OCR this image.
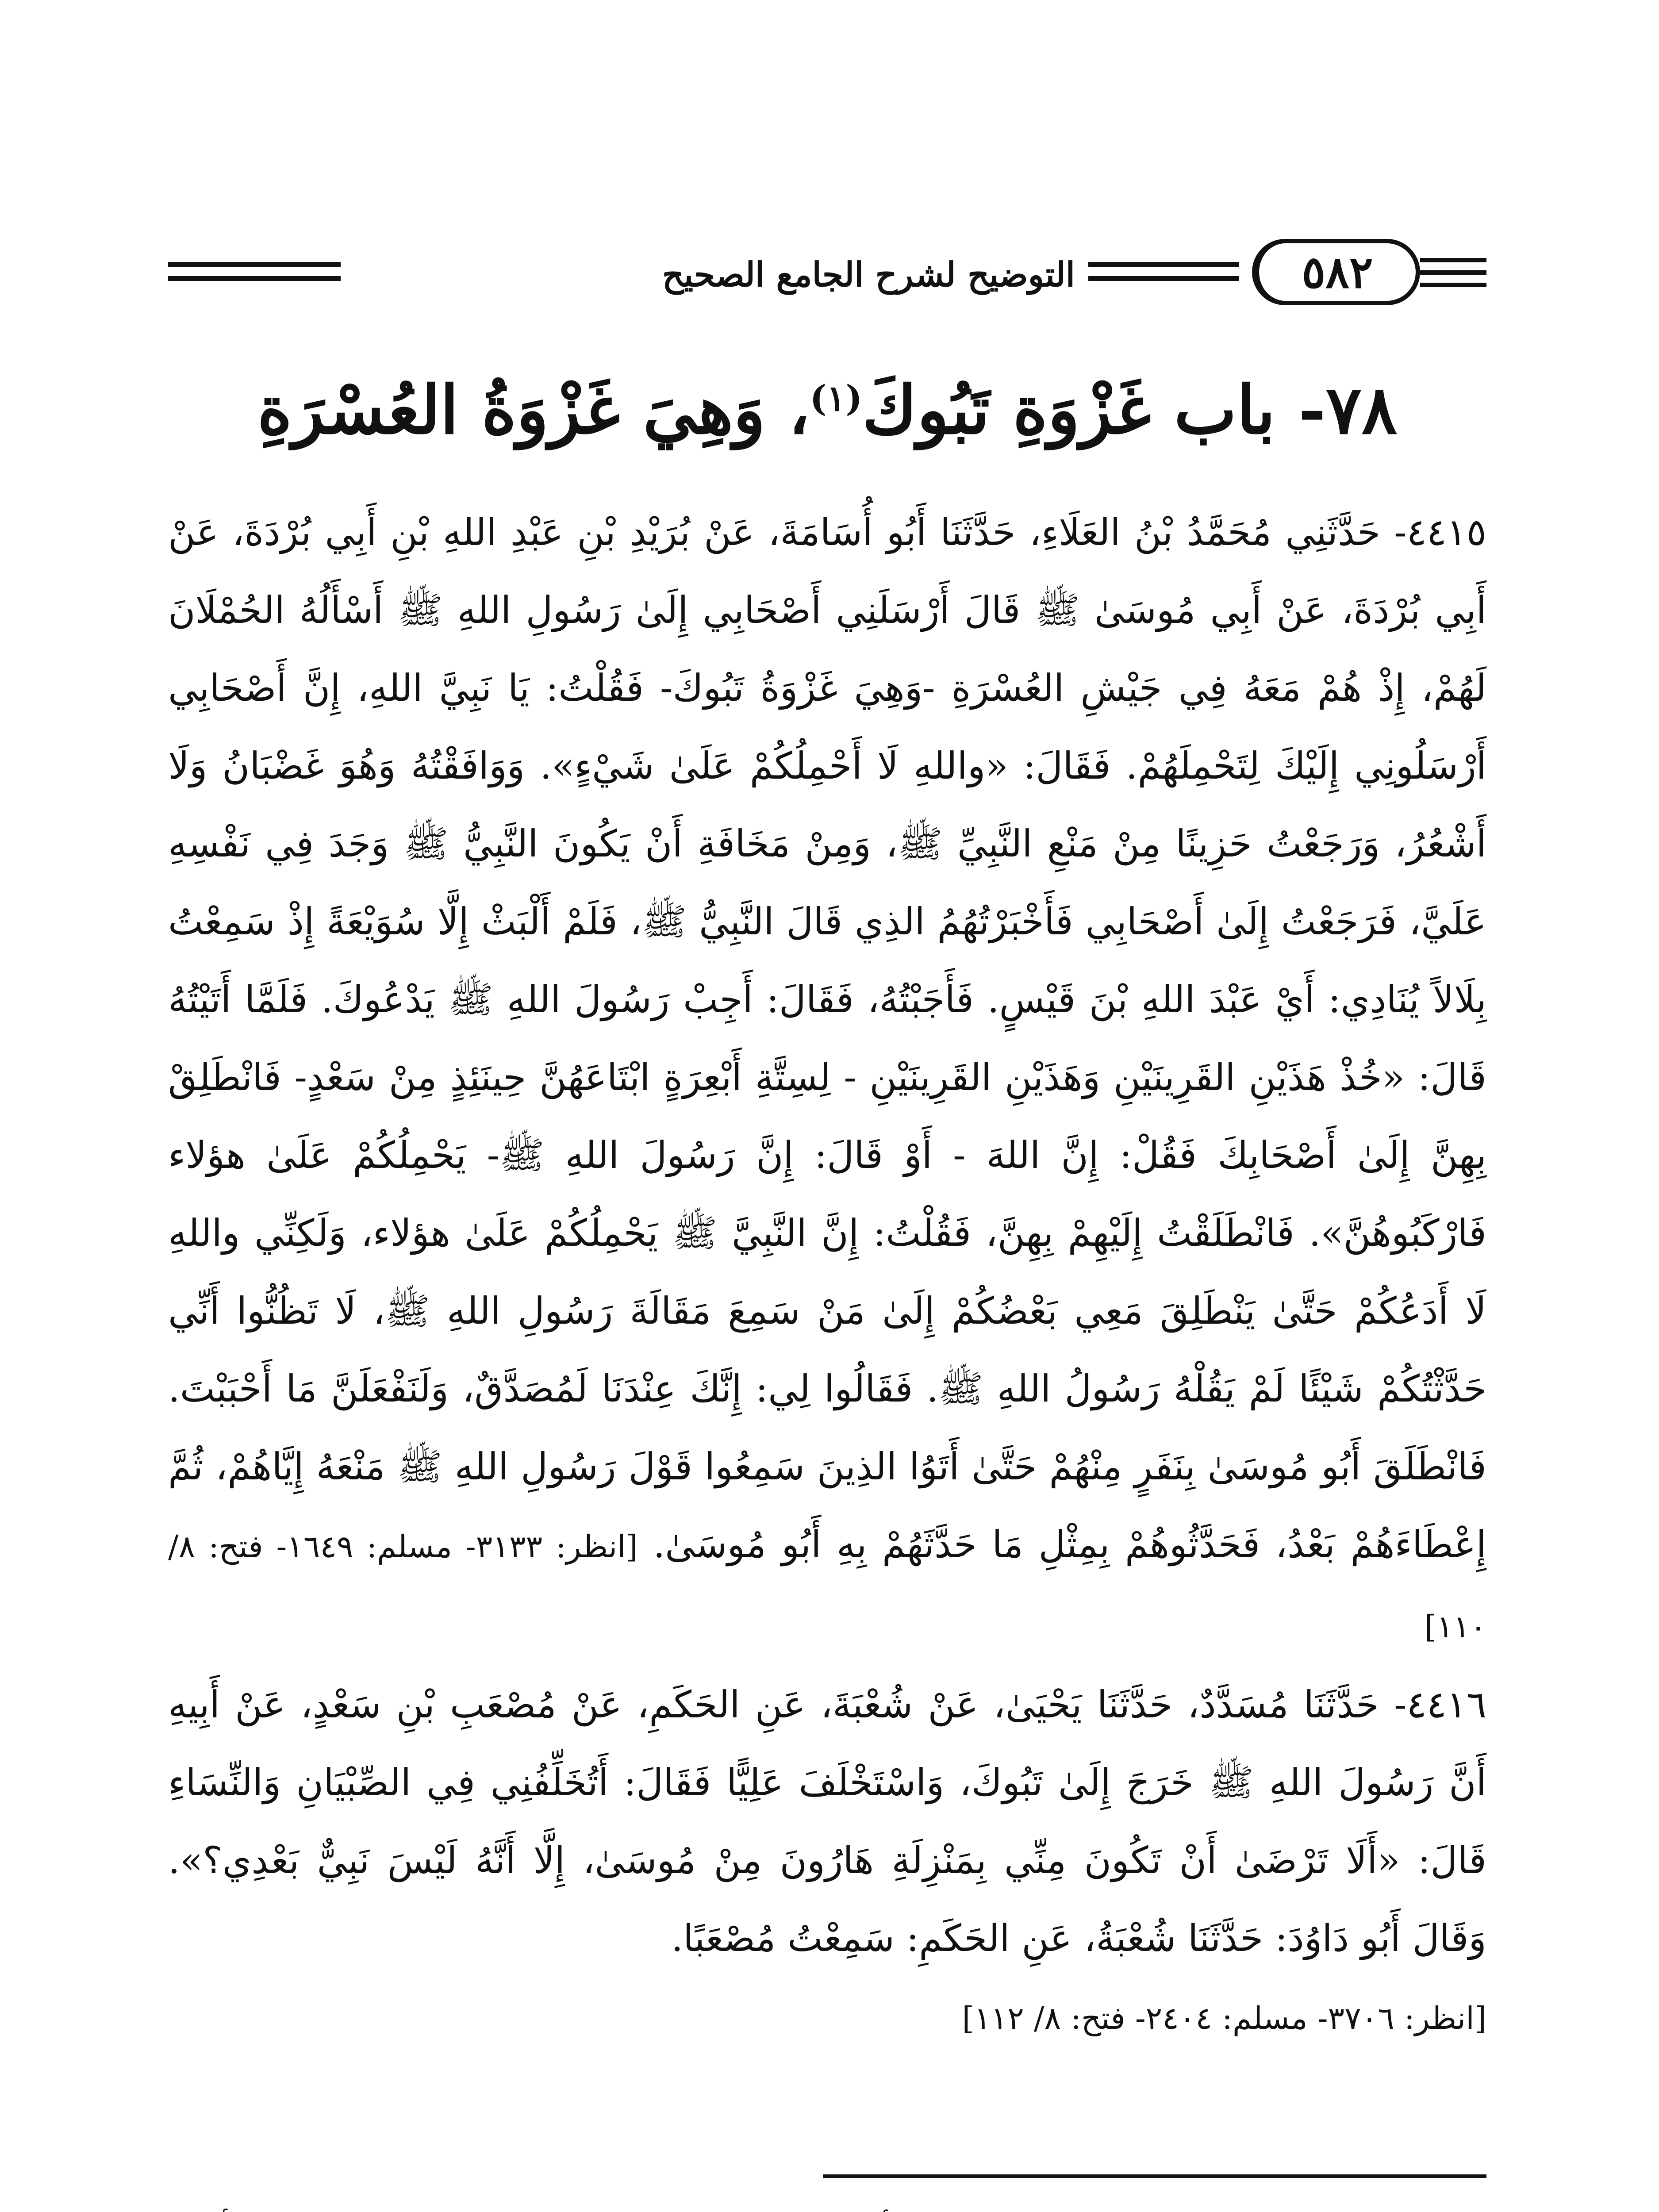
٥٨٢
التوضيح لشرح الجامع الصحيح
٧٨- باب غَزْوَةِ تَبُوكَ$^{(١)}$، وَهِيَ غَزْوَةُ العُسْرَةِ

٤٤١٥- حَدَّثَنِي مُحَمَّدُ بْنُ العَلَاءِ، حَدَّثَنَا أَبُو أُسَامَةَ، عَنْ بُرَيْدِ بْنِ عَبْدِ اللهِ بْنِ أَبِي بُرْدَةَ، عَنْ أَبِي بُرْدَةَ، عَنْ أَبِي مُوسَىٰ ﷺ قَالَ أَرْسَلَنِي أَصْحَابِي إِلَىٰ رَسُولِ اللهِ ﷺ أَسْأَلُهُ الحُمْلَانَ لَهُمْ، إِذْ هُمْ مَعَهُ فِي جَيْشِ العُسْرَةِ -وَهِيَ غَزْوَةُ تَبُوكَ- فَقُلْتُ: يَا نَبِيَّ اللهِ، إِنَّ أَصْحَابِي أَرْسَلُونِي إِلَيْكَ لِتَحْمِلَهُمْ. فَقَالَ: «واللهِ لَا أَحْمِلُكُمْ عَلَىٰ شَيْءٍ». وَوَافَقْتُهُ وَهُوَ غَضْبَانُ وَلَا أَشْعُرُ، وَرَجَعْتُ حَزِينًا مِنْ مَنْعِ النَّبِيِّ ﷺ، وَمِنْ مَخَافَةِ أَنْ يَكُونَ النَّبِيُّ ﷺ وَجَدَ فِي نَفْسِهِ عَلَيَّ، فَرَجَعْتُ إِلَىٰ أَصْحَابِي فَأَخْبَرْتُهُمُ الذِي قَالَ النَّبِيُّ ﷺ، فَلَمْ أَلْبَثْ إِلَّا سُوَيْعَةً إِذْ سَمِعْتُ بِلَالاً يُنَادِي: أَيْ عَبْدَ اللهِ بْنَ قَيْسٍ. فَأَجَبْتُهُ، فَقَالَ: أَجِبْ رَسُولَ اللهِ ﷺ يَدْعُوكَ. فَلَمَّا أَتَيْتُهُ قَالَ: «خُذْ هَذَيْنِ القَرِينَيْنِ وَهَذَيْنِ القَرِينَيْنِ - لِسِتَّةِ أَبْعِرَةٍ ابْتَاعَهُنَّ حِينَئِذٍ مِنْ سَعْدٍ- فَانْطَلِقْ بِهِنَّ إِلَىٰ أَصْحَابِكَ فَقُلْ: إِنَّ اللهَ - أَوْ قَالَ: إِنَّ رَسُولَ اللهِ ﷺ- يَحْمِلُكُمْ عَلَىٰ هؤلاء فَارْكَبُوهُنَّ». فَانْطَلَقْتُ إِلَيْهِمْ بِهِنَّ، فَقُلْتُ: إِنَّ النَّبِيَّ ﷺ يَحْمِلُكُمْ عَلَىٰ هؤلاء، وَلَكِنِّي واللهِ لَا أَدَعُكُمْ حَتَّىٰ يَنْطَلِقَ مَعِي بَعْضُكُمْ إِلَىٰ مَنْ سَمِعَ مَقَالَةَ رَسُولِ اللهِ ﷺ، لَا تَظُنُّوا أَنِّي حَدَّثْتُكُمْ شَيْئًا لَمْ يَقُلْهُ رَسُولُ اللهِ ﷺ. فَقَالُوا لِي: إِنَّكَ عِنْدَنَا لَمُصَدَّقٌ، وَلَنَفْعَلَنَّ مَا أَحْبَبْتَ. فَانْطَلَقَ أَبُو مُوسَىٰ بِنَفَرٍ مِنْهُمْ حَتَّىٰ أَتَوُا الذِينَ سَمِعُوا قَوْلَ رَسُولِ اللهِ ﷺ مَنْعَهُ إِيَّاهُمْ، ثُمَّ إِعْطَاءَهُمْ بَعْدُ، فَحَدَّثُوهُمْ بِمِثْلِ مَا حَدَّثَهُمْ بِهِ أَبُو مُوسَىٰ. [انظر: ٣١٣٣- مسلم: ١٦٤٩- فتح: ٨/ ١١٠]

٤٤١٦- حَدَّثَنَا مُسَدَّدٌ، حَدَّثَنَا يَحْيَىٰ، عَنْ شُعْبَةَ، عَنِ الحَكَمِ، عَنْ مُصْعَبِ بْنِ سَعْدٍ، عَنْ أَبِيهِ أَنَّ رَسُولَ اللهِ ﷺ خَرَجَ إِلَىٰ تَبُوكَ، وَاسْتَخْلَفَ عَلِيًّا فَقَالَ: أَتُخَلِّفُنِي فِي الصِّبْيَانِ وَالنِّسَاءِ قَالَ: «أَلَا تَرْضَىٰ أَنْ تَكُونَ مِنِّي بِمَنْزِلَةِ هَارُونَ مِنْ مُوسَىٰ، إِلَّا أَنَّهُ لَيْسَ نَبِيٌّ بَعْدِي؟». وَقَالَ أَبُو دَاوُدَ: حَدَّثَنَا شُعْبَةُ، عَنِ الحَكَمِ: سَمِعْتُ مُصْعَبًا.

[انظر: ٣٧٠٦- مسلم: ٢٤٠٤- فتح: ٨/ ١١٢]
